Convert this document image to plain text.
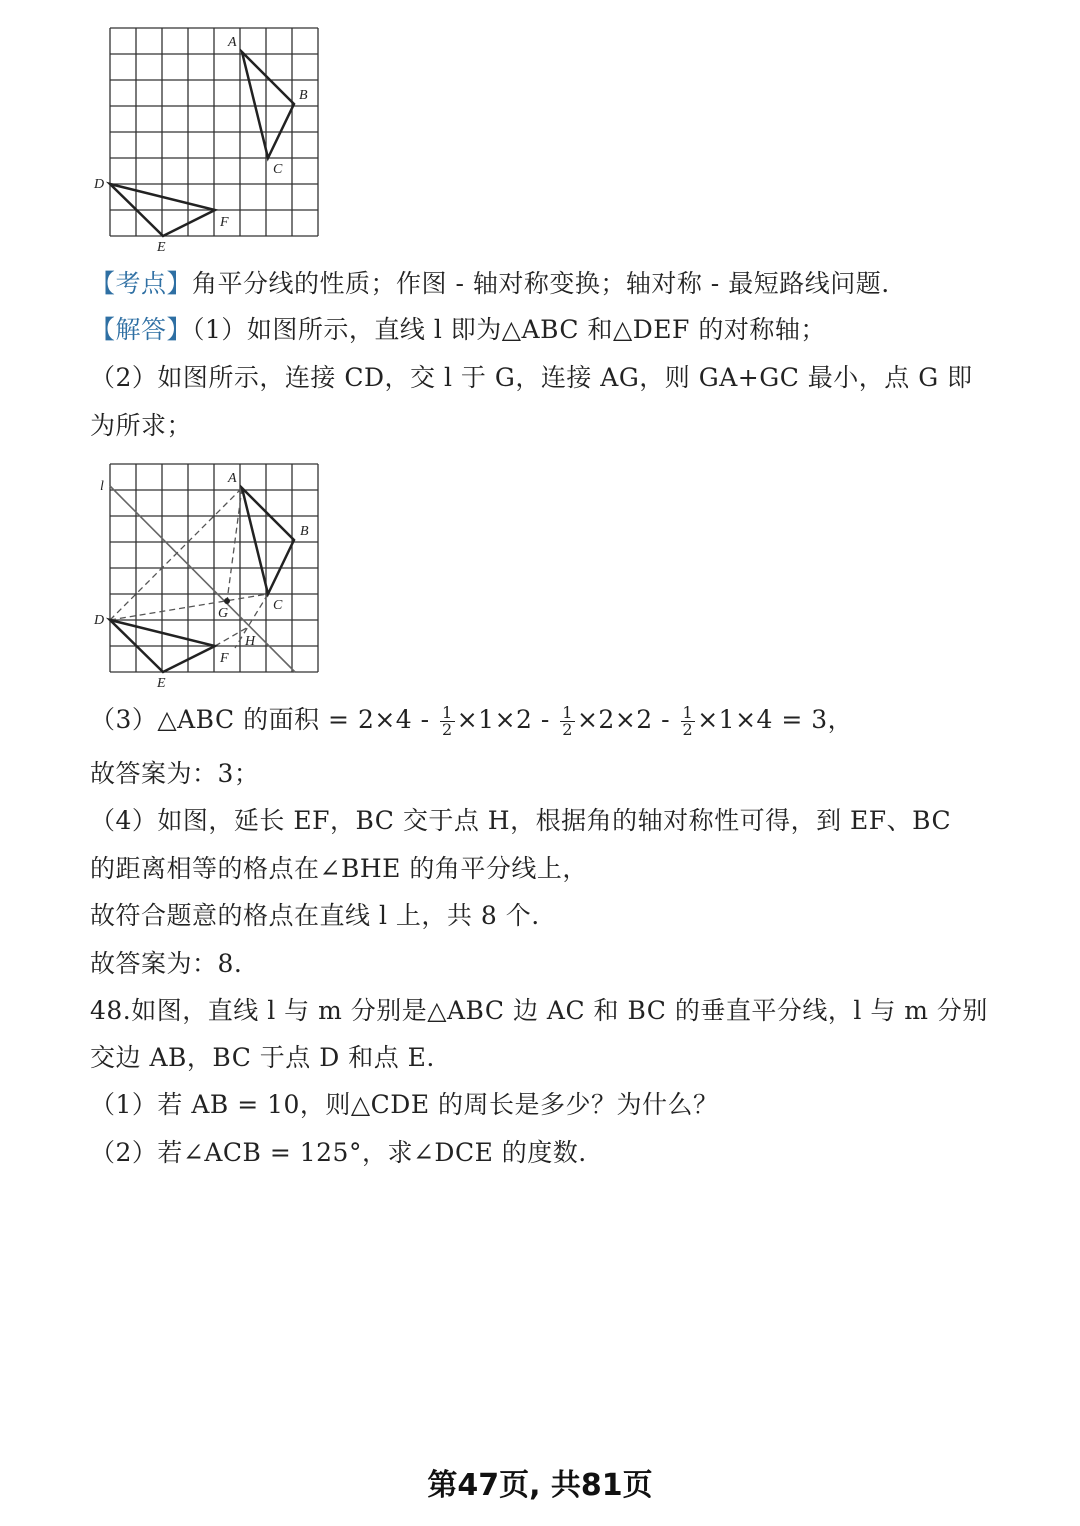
A
B
C
D
E
F
【考点】角平分线的性质；作图 - 轴对称变换；轴对称 - 最短路线问题.
【解答】（1）如图所示，直线 l 即为△ABC 和△DEF 的对称轴；
（2）如图所示，连接 CD，交 l 于 G，连接 AG，则 GA+GC 最小，点 G 即
为所求；
l
A
B
C
D	G
H
E
F
（3）△ABC 的面积 = $2\times 4 - \frac{1}{2} \times 1\times 2 - \frac{1}{2} \times 2\times 2 - \frac{1}{2} \times 1\times 4 = 3$，
故答案为：3；
（4）如图，延长 EF，BC 交于点 H，根据角的轴对称性可得，到 EF、BC
的距离相等的格点在∠BHE 的角平分线上，
故符合题意的格点在直线 l 上，共 8 个.
故答案为：8.
48.如图，直线 l 与 m 分别是△ABC 边 AC 和 BC 的垂直平分线，l 与 m 分别
交边 AB，BC 于点 D 和点 E.
（1）若 AB = 10，则△CDE 的周长是多少？为什么？
（2）若∠ACB = 125°，求∠DCE 的度数.
第47页, 共81页
